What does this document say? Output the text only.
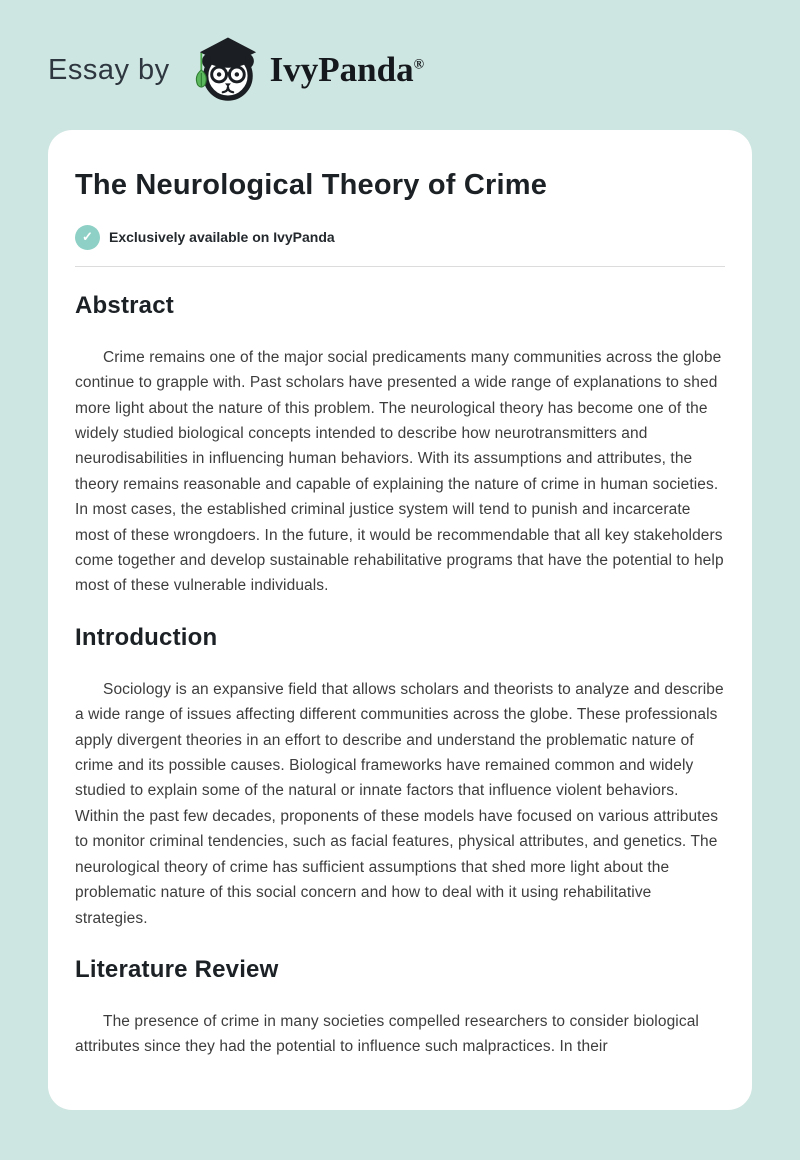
Essay by	IvyPanda®
The Neurological Theory of Crime
✓	Exclusively available on IvyPanda
Abstract

Crime remains one of the major social predicaments many communities across the globe continue to grapple with. Past scholars have presented a wide range of explanations to shed more light about the nature of this problem. The neurological theory has become one of the widely studied biological concepts intended to describe how neurotransmitters and neurodisabilities in influencing human behaviors. With its assumptions and attributes, the theory remains reasonable and capable of explaining the nature of crime in human societies. In most cases, the established criminal justice system will tend to punish and incarcerate most of these wrongdoers. In the future, it would be recommendable that all key stakeholders come together and develop sustainable rehabilitative programs that have the potential to help most of these vulnerable individuals.

Introduction

Sociology is an expansive field that allows scholars and theorists to analyze and describe a wide range of issues affecting different communities across the globe. These professionals apply divergent theories in an effort to describe and understand the problematic nature of crime and its possible causes. Biological frameworks have remained common and widely studied to explain some of the natural or innate factors that influence violent behaviors. Within the past few decades, proponents of these models have focused on various attributes to monitor criminal tendencies, such as facial features, physical attributes, and genetics. The neurological theory of crime has sufficient assumptions that shed more light about the problematic nature of this social concern and how to deal with it using rehabilitative strategies.

Literature Review

The presence of crime in many societies compelled researchers to consider biological attributes since they had the potential to influence such malpractices. In their
